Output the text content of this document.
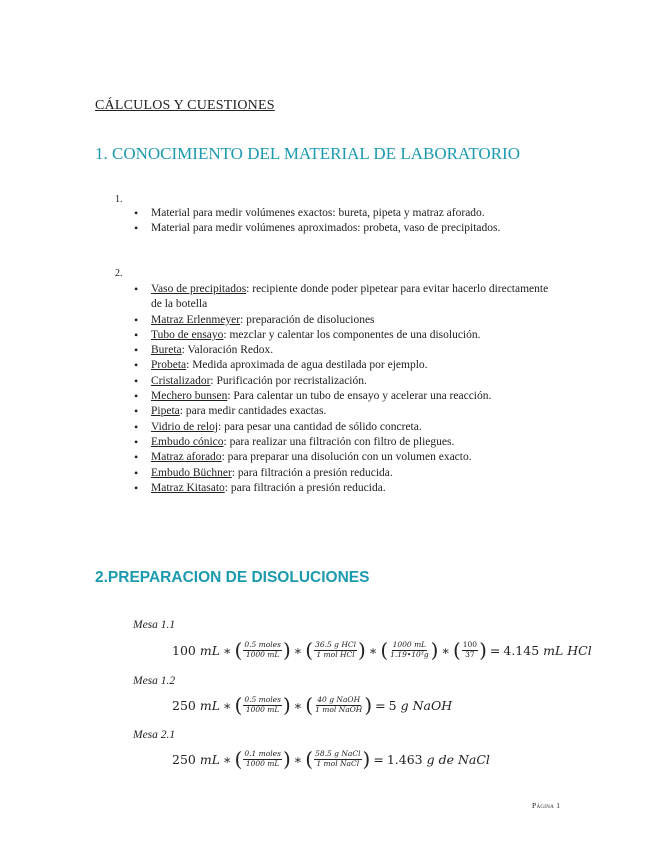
CÁLCULOS Y CUESTIONES

1. CONOCIMIENTO DEL MATERIAL DE LABORATORIO
1.
• Material para medir volúmenes exactos: bureta, pipeta y matraz aforado.
• Material para medir volúmenes aproximados: probeta, vaso de precipitados.
2.
• Vaso de precipitados: recipiente donde poder pipetear para evitar hacerlo directamente de la botella
• Matraz Erlenmeyer: preparación de disoluciones
• Tubo de ensayo: mezclar y calentar los componentes de una disolución.
• Bureta: Valoración Redox.
• Probeta: Medida aproximada de agua destilada por ejemplo.
• Cristalizador: Purificación por recristalización.
• Mechero bunsen: Para calentar un tubo de ensayo y acelerar una reacción.
• Pipeta: para medir cantidades exactas.
• Vidrio de reloj: para pesar una cantidad de sólido concreta.
• Embudo cónico: para realizar una filtración con filtro de pliegues.
• Matraz aforado: para preparar una disolución con un volumen exacto.
• Embudo Büchner: para filtración a presión reducida.
• Matraz Kitasato: para filtración a presión reducida.
2.PREPARACION DE DISOLUCIONES
Mesa 1.1
100
mL ∗ ( $\frac{\text{0.5 moles}}{1000 mL}$ ) ∗ ( $\frac{\text{36.5 g HCl}}{\text{1 mol HCl}}$ ) ∗ ( $\frac{1000 mL}{\text{1.19•10³g}}$ ) ∗ ( $\frac{100}{37}$ ) = 4.145
mL HCl
Mesa 1.2
250
mL ∗ ( $\frac{\text{0.5 moles}}{1000 mL}$ ) ∗ ( $\frac{\text{40 g NaOH}}{\text{1 mol NaOH}}$ ) = 5
g NaOH
Mesa 2.1
250
mL ∗ ( $\frac{\text{0.1 moles}}{1000 mL}$ ) ∗ ( $\frac{\text{58.5 g NaCl}}{\text{1 mol NaCl}}$ ) = 1.463
g de NaCl
Página 1
